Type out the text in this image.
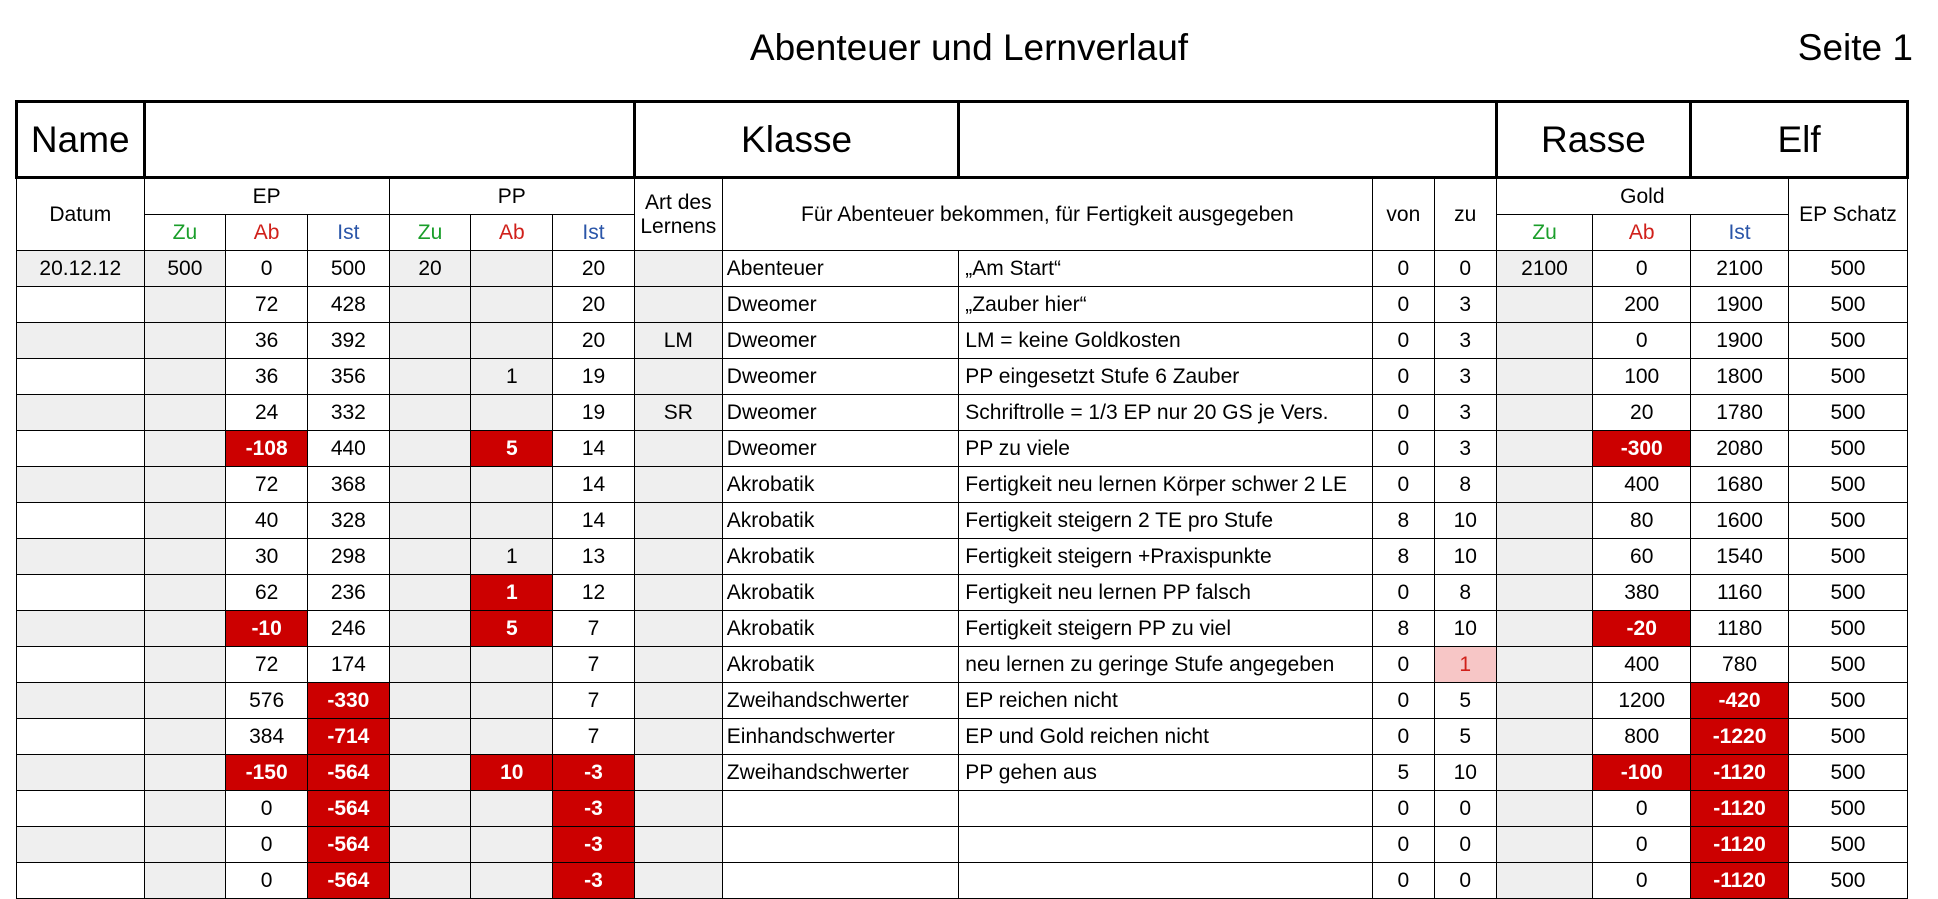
Abenteuer und Lernverlauf	Seite 1
Name							Klasse					Rasse		Elf	
Datum	EP			PP			Art des Lernens	Für Abenteuer bekommen, für Fertigkeit ausgegeben		von	zu	Gold			EP Schatz
	Zu	Ab	Ist	Zu	Ab	Ist						Zu	Ab	Ist	
20.12.12	500	0	500	20		20		Abenteuer	„Am Start“	0	0	2100	0	2100	500
		72	428			20		Dweomer	„Zauber hier“	0	3		200	1900	500
		36	392			20	LM	Dweomer	LM = keine Goldkosten	0	3		0	1900	500
		36	356		1	19		Dweomer	PP eingesetzt Stufe 6 Zauber	0	3		100	1800	500
		24	332			19	SR	Dweomer	Schriftrolle = 1/3 EP nur 20 GS je Vers.	0	3		20	1780	500
		-108	440		5	14		Dweomer	PP zu viele	0	3		-300	2080	500
		72	368			14		Akrobatik	Fertigkeit neu lernen Körper schwer 2 LE	0	8		400	1680	500
		40	328			14		Akrobatik	Fertigkeit steigern 2 TE pro Stufe	8	10		80	1600	500
		30	298		1	13		Akrobatik	Fertigkeit steigern +Praxispunkte	8	10		60	1540	500
		62	236		1	12		Akrobatik	Fertigkeit neu lernen PP falsch	0	8		380	1160	500
		-10	246		5	7		Akrobatik	Fertigkeit steigern PP zu viel	8	10		-20	1180	500
		72	174			7		Akrobatik	neu lernen zu geringe Stufe angegeben	0	1		400	780	500
		576	-330			7		Zweihandschwerter	EP reichen nicht	0	5		1200	-420	500
		384	-714			7		Einhandschwerter	EP und Gold reichen nicht	0	5		800	-1220	500
		-150	-564		10	-3		Zweihandschwerter	PP gehen aus	5	10		-100	-1120	500
		0	-564			-3				0	0		0	-1120	500
		0	-564			-3				0	0		0	-1120	500
		0	-564			-3				0	0		0	-1120	500
